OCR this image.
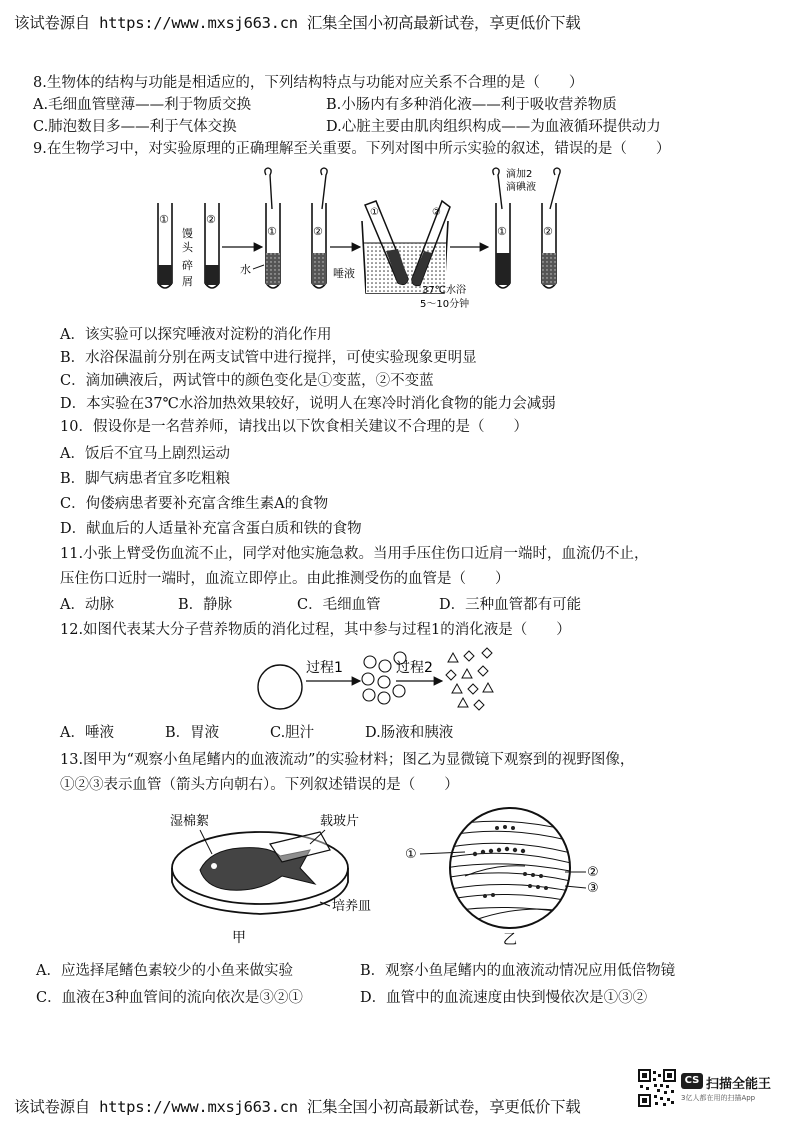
该试卷源自 https://www.mxsj663.cn 汇集全国小初高最新试卷，享更低价下载
8.生物体的结构与功能是相适应的，下列结构特点与功能对应关系不合理的是（　　）
A.毛细血管壁薄——利于物质交换	B.小肠内有多种消化液——利于吸收营养物质
C.肺泡数目多——利于气体交换	D.心脏主要由肌肉组织构成——为血液循环提供动力
9.在生物学习中，对实验原理的正确理解至关重要。下列对图中所示实验的叙述，错误的是（　　）
①	②
馒
头
碎
屑
①	②
水	唾液
①	②
37℃水浴
5～10分钟
①	②
滴加2
滴碘液
A．该实验可以探究唾液对淀粉的消化作用
B．水浴保温前分别在两支试管中进行搅拌，可使实验现象更明显
C．滴加碘液后，两试管中的颜色变化是①变蓝，②不变蓝
D．本实验在37℃水浴加热效果较好，说明人在寒冷时消化食物的能力会减弱
10．假设你是一名营养师，请找出以下饮食相关建议不合理的是（　　）
A．饭后不宜马上剧烈运动
B．脚气病患者宜多吃粗粮
C．佝偻病患者要补充富含维生素A的食物
D．献血后的人适量补充富含蛋白质和铁的食物
11.小张上臂受伤血流不止，同学对他实施急救。当用手压住伤口近肩一端时，血流仍不止，
压住伤口近肘一端时，血流立即停止。由此推测受伤的血管是（　　）
A．动脉	B．静脉	C．毛细血管	D．三种血管都有可能
12.如图代表某大分子营养物质的消化过程，其中参与过程1的消化液是（　　）
过程1	过程2
A．唾液	B．胃液	C.胆汁	D.肠液和胰液
13.图甲为“观察小鱼尾鳍内的血液流动”的实验材料；图乙为显微镜下观察到的视野图像，
①②③表示血管（箭头方向朝右）。下列叙述错误的是（　　）
湿棉絮	载玻片
培养皿
甲
①
②
③
乙
A．应选择尾鳍色素较少的小鱼来做实验	B．观察小鱼尾鳍内的血液流动情况应用低倍物镜
C．血液在3种血管间的流向依次是③②①	D．血管中的血流速度由快到慢依次是①③②
该试卷源自 https://www.mxsj663.cn 汇集全国小初高最新试卷，享更低价下载
CS 扫描全能王
3亿人都在用的扫描App
